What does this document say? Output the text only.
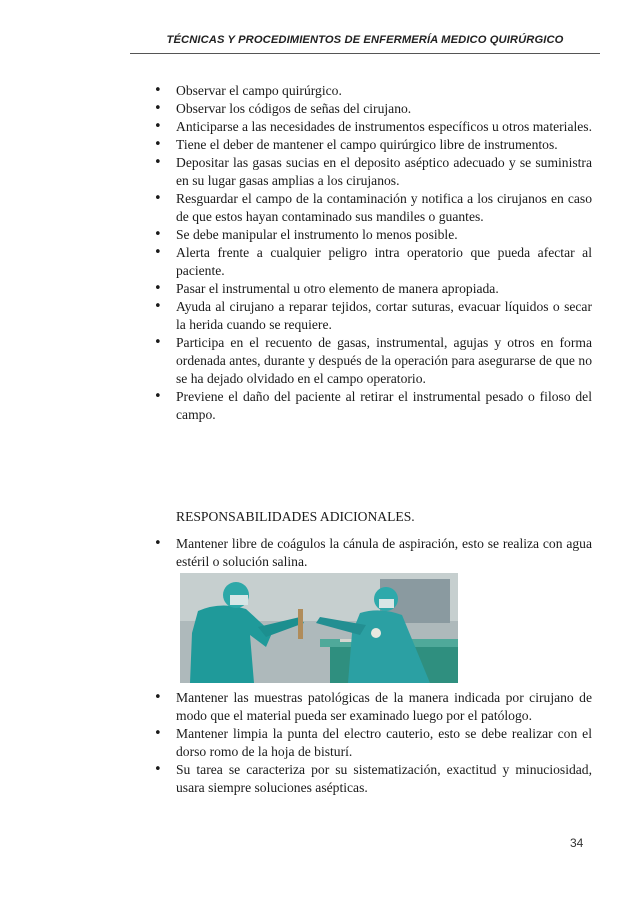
TÉCNICAS Y PROCEDIMIENTOS DE ENFERMERÍA MEDICO QUIRÚRGICO
• Observar el campo quirúrgico.
• Observar los códigos de señas del cirujano.
• Anticiparse a las necesidades de instrumentos específicos u otros materiales.
• Tiene el deber de mantener el campo quirúrgico libre de instrumentos.
• Depositar las gasas sucias en el deposito aséptico adecuado y se suministra en su lugar gasas amplias a los cirujanos.
• Resguardar el campo de la contaminación y notifica a los cirujanos en caso de que estos hayan contaminado sus mandiles o guantes.
• Se debe manipular el instrumento lo menos posible.
• Alerta frente a cualquier peligro intra operatorio que pueda afectar al paciente.
• Pasar el instrumental u otro elemento de manera apropiada.
• Ayuda al cirujano a reparar tejidos, cortar suturas, evacuar líquidos o secar la herida cuando se requiere.
• Participa en el recuento de gasas, instrumental, agujas y otros en forma ordenada antes, durante y después de la operación para asegurarse de que no se ha dejado olvidado en el campo operatorio.
• Previene el daño del paciente al retirar el instrumental pesado o filoso del campo.
RESPONSABILIDADES ADICIONALES.
• Mantener libre de coágulos la cánula de aspiración, esto se realiza con agua estéril o solución salina.
• Mantener las muestras patológicas de la manera indicada por cirujano de modo que el material pueda ser examinado luego por el patólogo.
• Mantener limpia la punta del electro cauterio, esto se debe realizar con el dorso romo de la hoja de bisturí.
• Su tarea se caracteriza por su sistematización, exactitud y minuciosidad, usara siempre soluciones asépticas.
34
